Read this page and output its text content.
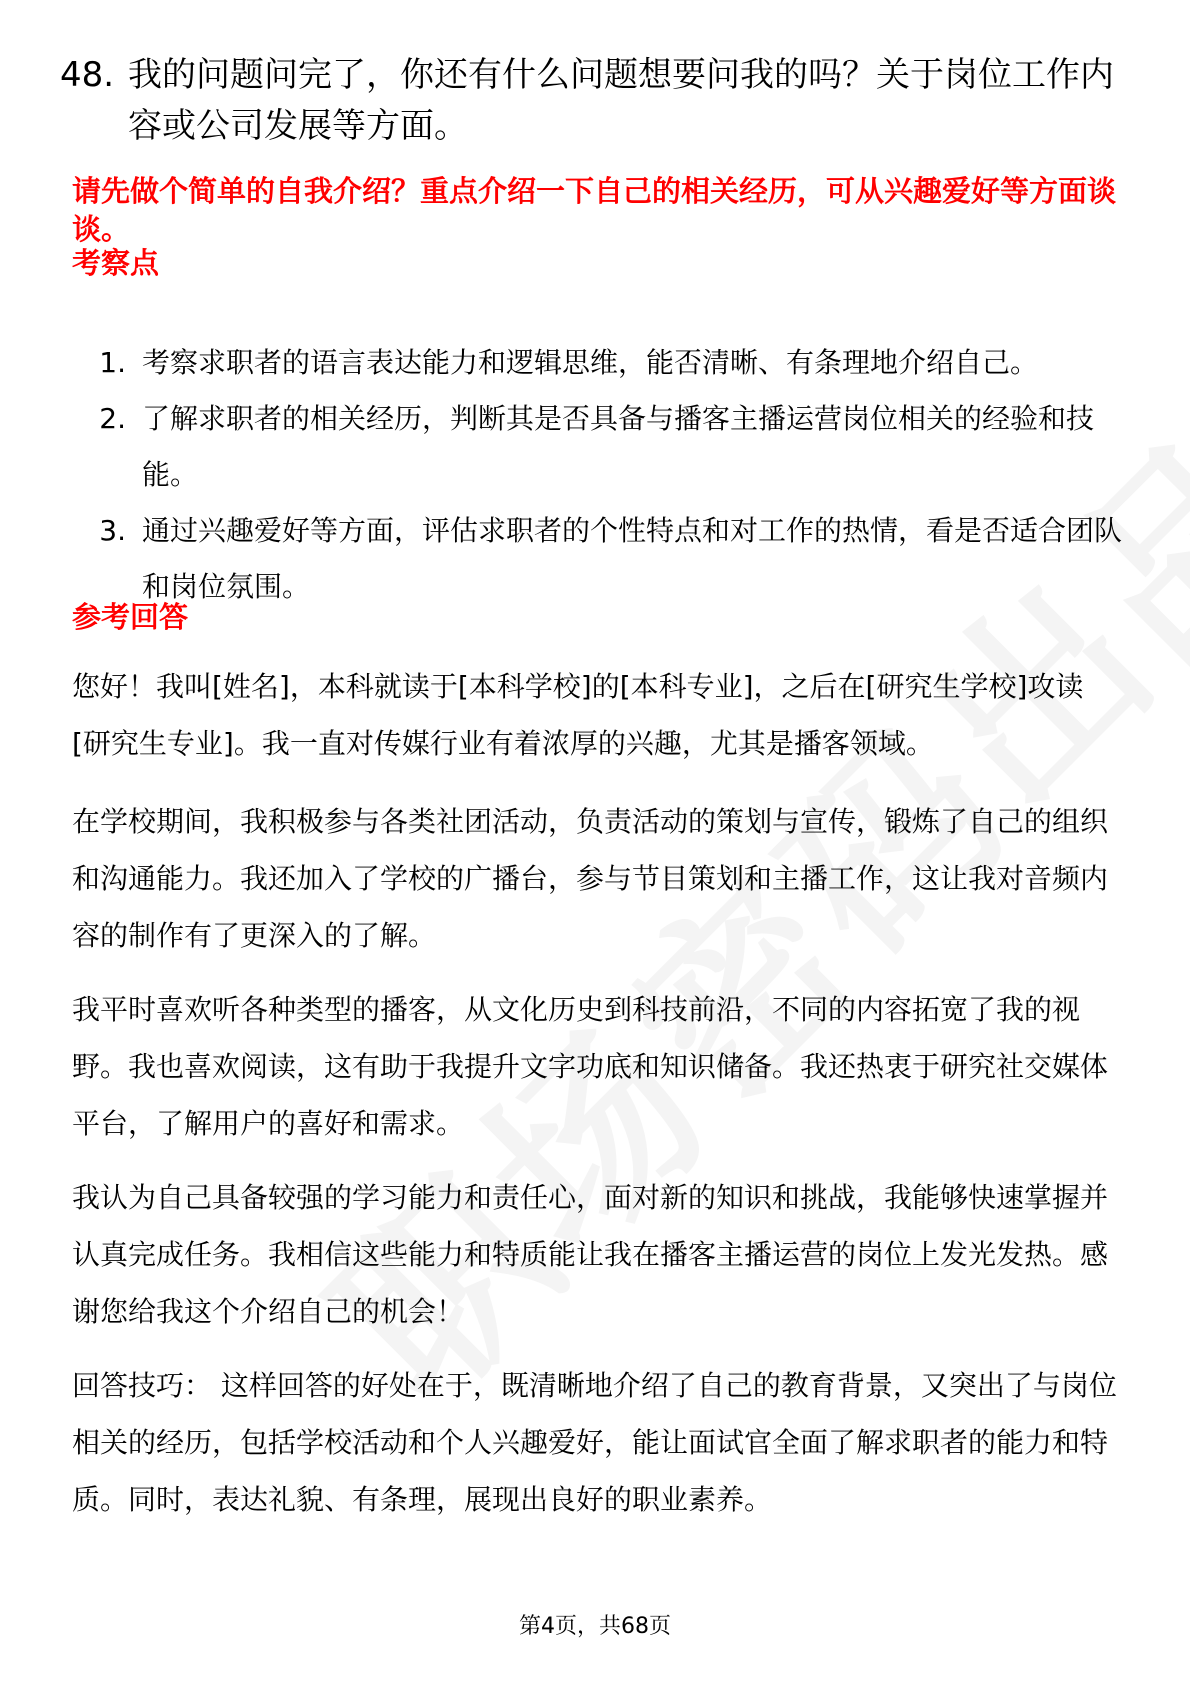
48. 我的问题问完了，你还有什么问题想要问我的吗？关于岗位工作内容或公司发展等方面。
请先做个简单的自我介绍？重点介绍一下自己的相关经历，可从兴趣爱好等方面谈谈。
考察点
1. 考察求职者的语言表达能力和逻辑思维，能否清晰、有条理地介绍自己。
2. 了解求职者的相关经历，判断其是否具备与播客主播运营岗位相关的经验和技能。
3. 通过兴趣爱好等方面，评估求职者的个性特点和对工作的热情，看是否适合团队和岗位氛围。
参考回答
您好！我叫[姓名]，本科就读于[本科学校]的[本科专业]，之后在[研究生学校]攻读[研究生专业]。我一直对传媒行业有着浓厚的兴趣，尤其是播客领域。
在学校期间，我积极参与各类社团活动，负责活动的策划与宣传，锻炼了自己的组织和沟通能力。我还加入了学校的广播台，参与节目策划和主播工作，这让我对音频内容的制作有了更深入的了解。
我平时喜欢听各种类型的播客，从文化历史到科技前沿，不同的内容拓宽了我的视野。我也喜欢阅读，这有助于我提升文字功底和知识储备。我还热衷于研究社交媒体平台，了解用户的喜好和需求。
我认为自己具备较强的学习能力和责任心，面对新的知识和挑战，我能够快速掌握并认真完成任务。我相信这些能力和特质能让我在播客主播运营的岗位上发光发热。感谢您给我这个介绍自己的机会！
回答技巧： 这样回答的好处在于，既清晰地介绍了自己的教育背景，又突出了与岗位相关的经历，包括学校活动和个人兴趣爱好，能让面试官全面了解求职者的能力和特质。同时，表达礼貌、有条理，展现出良好的职业素养。
第4页，共68页
